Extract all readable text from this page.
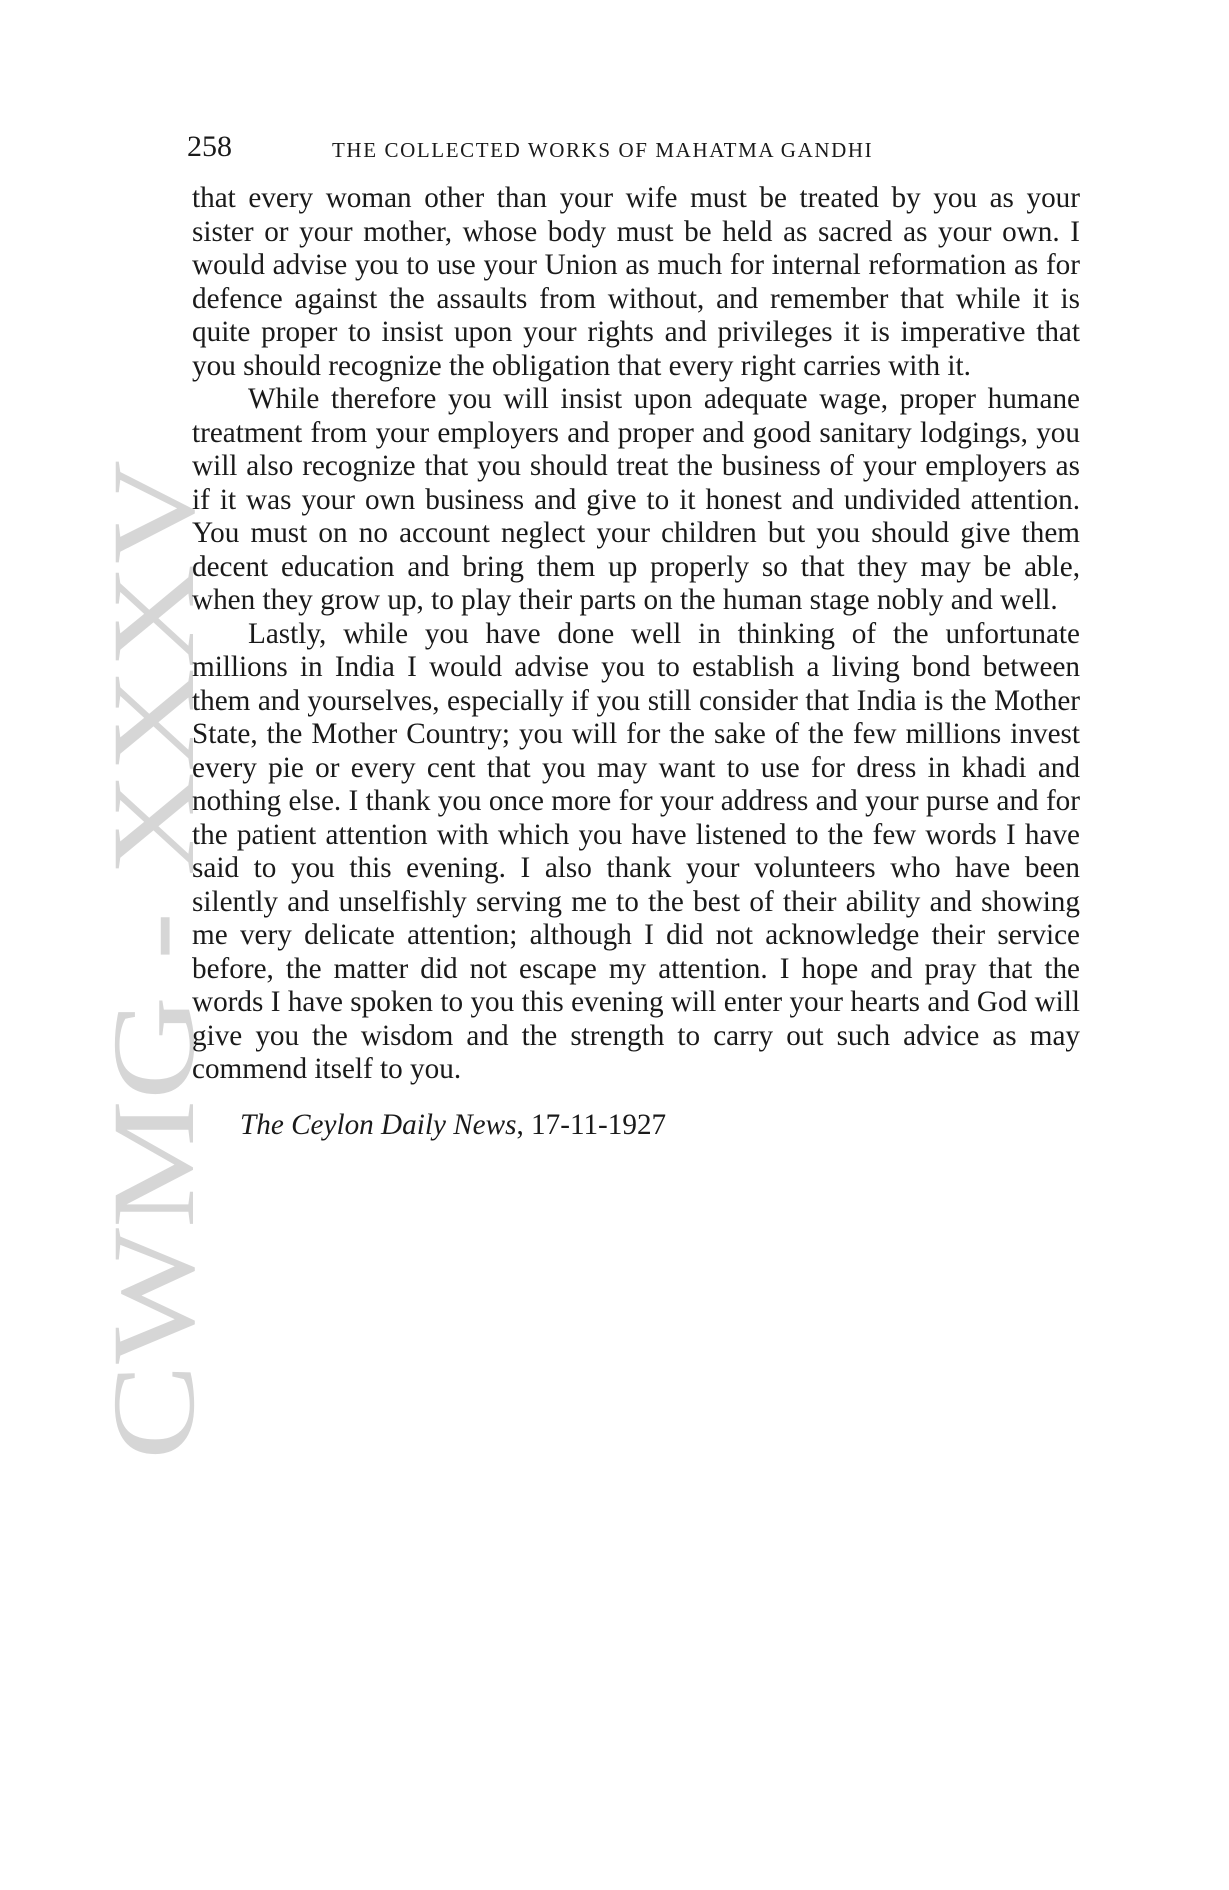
CWMG - XXXV
258	THE COLLECTED WORKS OF MAHATMA GANDHI

that every woman other than your wife must be treated by you as your sister or your mother, whose body must be held as sacred as your own. I would advise you to use your Union as much for internal reformation as for defence against the assaults from without, and remember that while it is quite proper to insist upon your rights and privileges it is imperative that you should recognize the obligation that every right carries with it.

While therefore you will insist upon adequate wage, proper humane treatment from your employers and proper and good sanitary lodgings, you will also recognize that you should treat the business of your employers as if it was your own business and give to it honest and undivided attention. You must on no account neglect your children but you should give them decent education and bring them up properly so that they may be able, when they grow up, to play their parts on the human stage nobly and well.

Lastly, while you have done well in thinking of the unfortunate millions in India I would advise you to establish a living bond between them and yourselves, especially if you still consider that India is the Mother State, the Mother Country; you will for the sake of the few millions invest every pie or every cent that you may want to use for dress in khadi and nothing else. I thank you once more for your address and your purse and for the patient attention with which you have listened to the few words I have said to you this evening. I also thank your volunteers who have been silently and unselfishly serving me to the best of their ability and showing me very delicate attention; although I did not acknowledge their service before, the matter did not escape my attention. I hope and pray that the words I have spoken to you this evening will enter your hearts and God will give you the wisdom and the strength to carry out such advice as may commend itself to you.

The Ceylon Daily News, 17-11-1927
